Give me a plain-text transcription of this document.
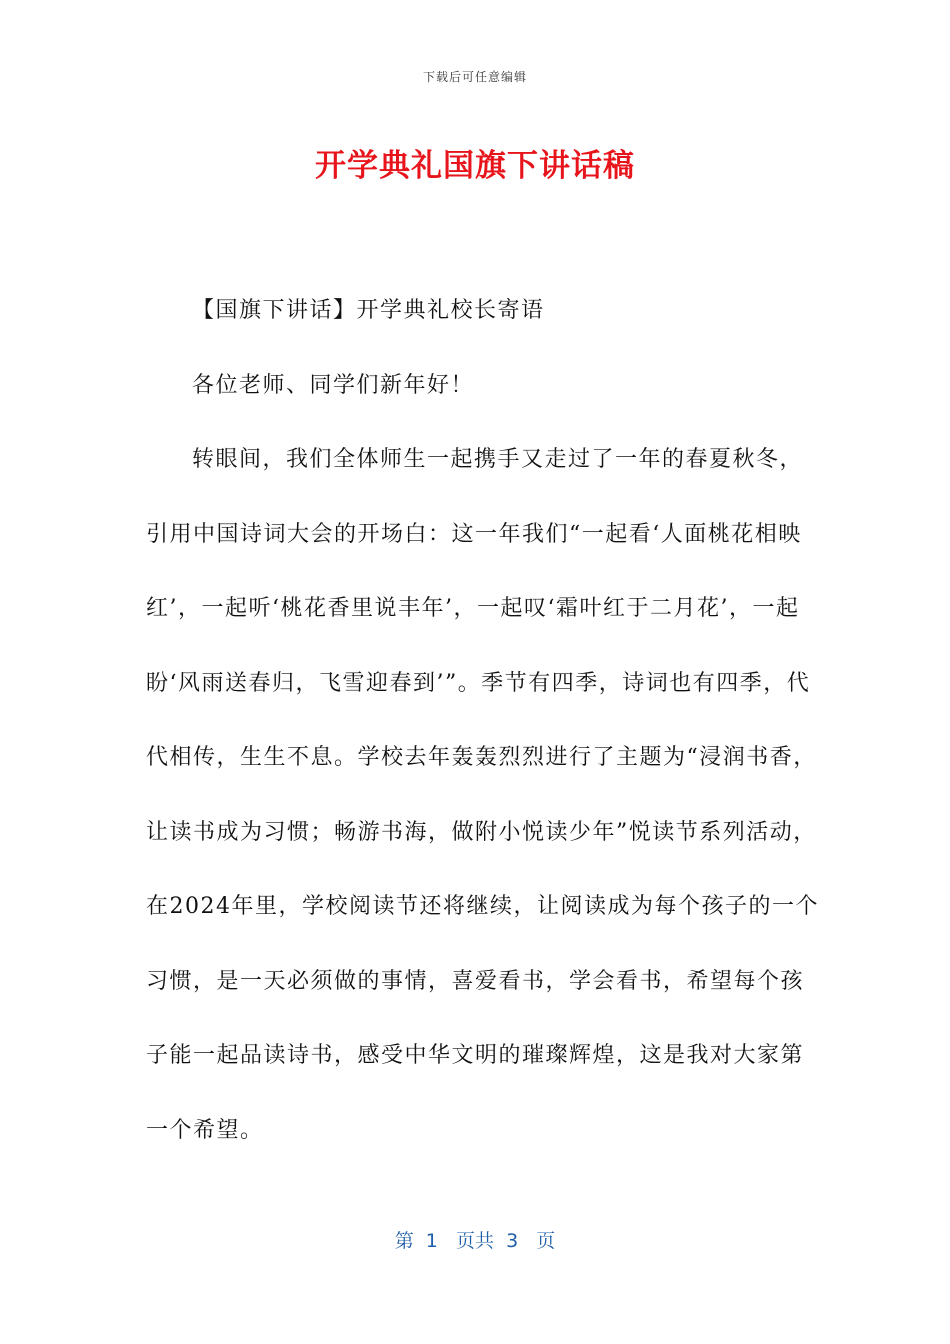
下载后可任意编辑
开学典礼国旗下讲话稿

【国旗下讲话】开学典礼校长寄语

各位老师、同学们新年好！

转眼间，我们全体师生一起携手又走过了一年的春夏秋冬，引用中国诗词大会的开场白：这一年我们“一起看‘人面桃花相映红’，一起听‘桃花香里说丰年’，一起叹‘霜叶红于二月花’，一起盼‘风雨送春归，飞雪迎春到’”。季节有四季，诗词也有四季，代代相传，生生不息。学校去年轰轰烈烈进行了主题为“浸润书香，让读书成为习惯；畅游书海，做附小悦读少年”悦读节系列活动，在2024年里，学校阅读节还将继续，让阅读成为每个孩子的一个习惯，是一天必须做的事情，喜爱看书，学会看书，希望每个孩子能一起品读诗书，感受中华文明的璀璨辉煌，这是我对大家第一个希望。

第  1   页共  3   页
